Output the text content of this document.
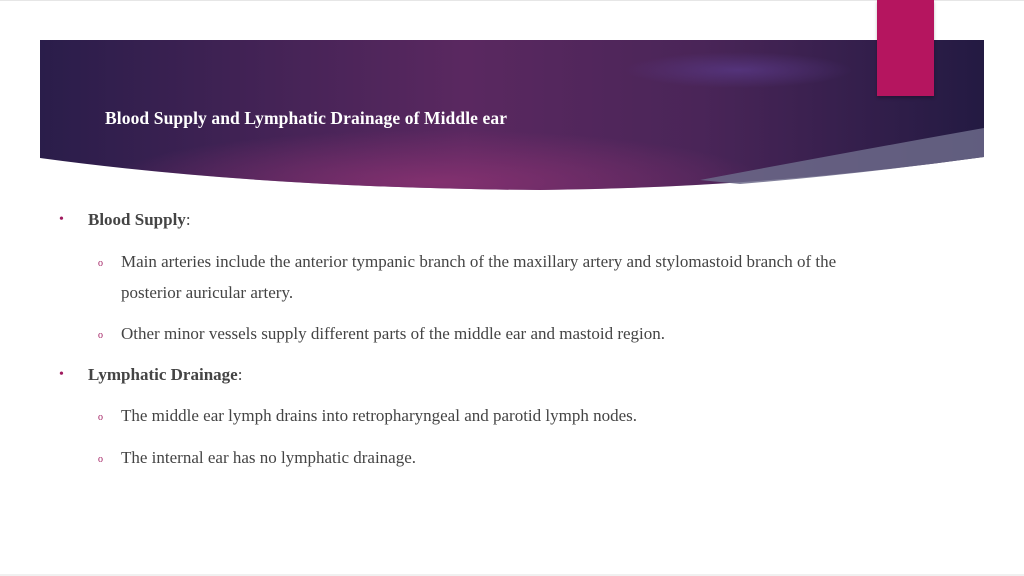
Blood Supply and Lymphatic Drainage of Middle ear
• Blood Supply:
o Main arteries include the anterior tympanic branch of the maxillary artery and stylomastoid branch of the
posterior auricular artery.
o Other minor vessels supply different parts of the middle ear and mastoid region.
• Lymphatic Drainage:
o The middle ear lymph drains into retropharyngeal and parotid lymph nodes.
o The internal ear has no lymphatic drainage.
